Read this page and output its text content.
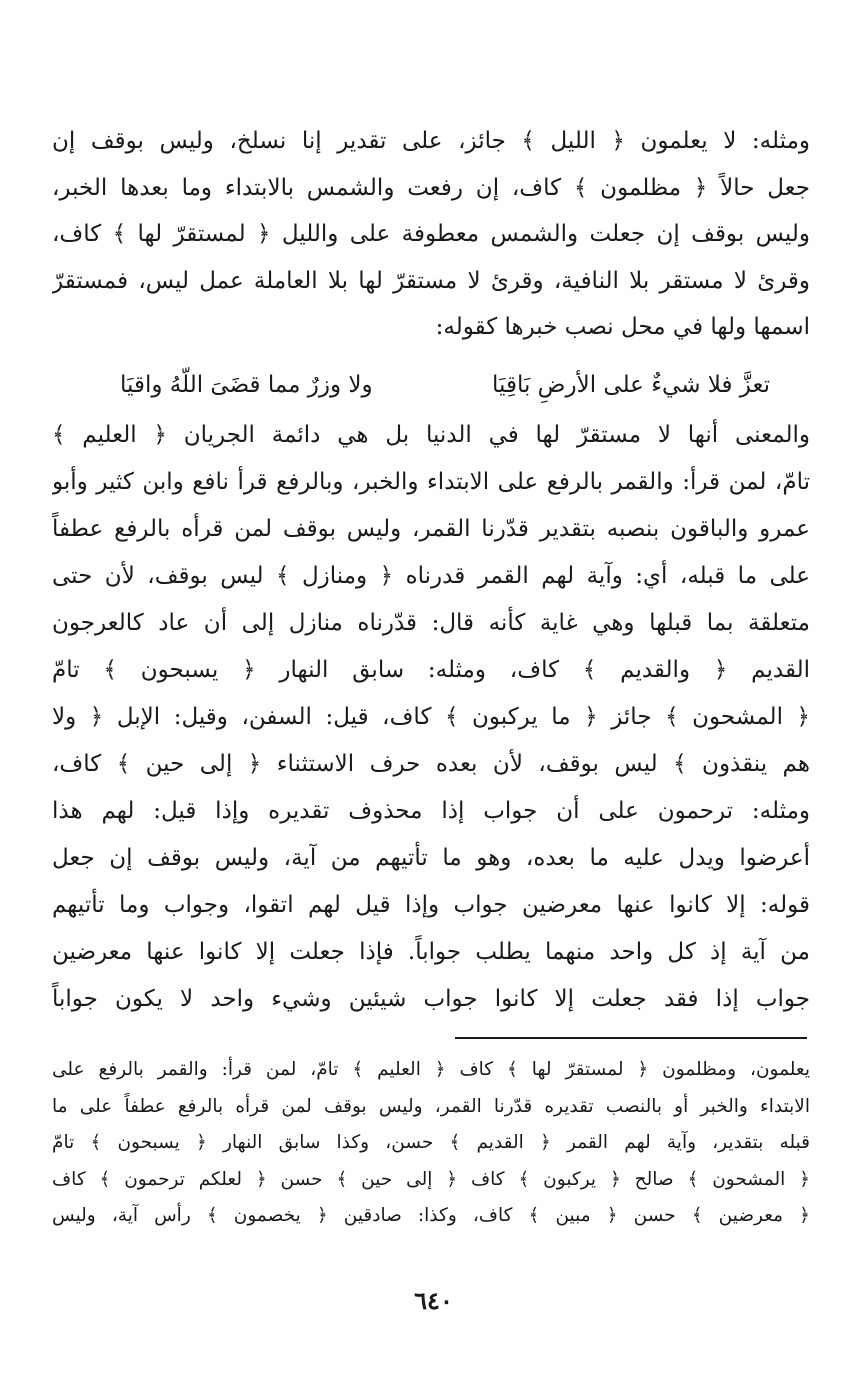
ومثله: لا يعلمون ﴿ الليل ﴾ جائز، على تقدير إنا نسلخ، وليس بوقف إن
جعل حالاً ﴿ مظلمون ﴾ كاف، إن رفعت والشمس بالابتداء وما بعدها الخبر،
وليس بوقف إن جعلت والشمس معطوفة على والليل ﴿ لمستقرّ لها ﴾ كاف،
وقرئ لا مستقر بلا النافية، وقرئ لا مستقرّ لها بلا العاملة عمل ليس، فمستقرّ
اسمها ولها في محل نصب خبرها كقوله:
تعزَّ فلا شيءٌ على الأرضِ بَاقِيَا
ولا وزرٌ مما قضَىَ اللّهُ واقيَا
والمعنى أنها لا مستقرّ لها في الدنيا بل هي دائمة الجريان ﴿ العليم ﴾
تامّ، لمن قرأ: والقمر بالرفع على الابتداء والخبر، وبالرفع قرأ نافع وابن كثير وأبو
عمرو والباقون بنصبه بتقدير قدّرنا القمر، وليس بوقف لمن قرأه بالرفع عطفاً
على ما قبله، أي: وآية لهم القمر قدرناه ﴿ ومنازل ﴾ ليس بوقف، لأن حتى
متعلقة بما قبلها وهي غاية كأنه قال: قدّرناه منازل إلى أن عاد كالعرجون
القديم ﴿ والقديم ﴾ كاف، ومثله: سابق النهار ﴿ يسبحون ﴾ تامّ
﴿ المشحون ﴾ جائز ﴿ ما يركبون ﴾ كاف، قيل: السفن، وقيل: الإبل ﴿ ولا
هم ينقذون ﴾ ليس بوقف، لأن بعده حرف الاستثناء ﴿ إلى حين ﴾ كاف،
ومثله: ترحمون على أن جواب إذا محذوف تقديره وإذا قيل: لهم هذا
أعرضوا ويدل عليه ما بعده، وهو ما تأتيهم من آية، وليس بوقف إن جعل
قوله: إلا كانوا عنها معرضين جواب وإذا قيل لهم اتقوا، وجواب وما تأتيهم
من آية إذ كل واحد منهما يطلب جواباً. فإذا جعلت إلا كانوا عنها معرضين
جواب إذا فقد جعلت إلا كانوا جواب شيئين وشيء واحد لا يكون جواباً
يعلمون، ومظلمون ﴿ لمستقرّ لها ﴾ كاف ﴿ العليم ﴾ تامّ، لمن قرأ: والقمر بالرفع على
الابتداء والخبر أو بالنصب تقديره قدّرنا القمر، وليس بوقف لمن قرأه بالرفع عطفاً على ما
قبله بتقدير، وآية لهم القمر ﴿ القديم ﴾ حسن، وكذا سابق النهار ﴿ يسبحون ﴾ تامّ
﴿ المشحون ﴾ صالح ﴿ يركبون ﴾ كاف ﴿ إلى حين ﴾ حسن ﴿ لعلكم ترحمون ﴾ كاف
﴿ معرضين ﴾ حسن ﴿ مبين ﴾ كاف، وكذا: صادقين ﴿ يخصمون ﴾ رأس آية، وليس
٦٤٠
